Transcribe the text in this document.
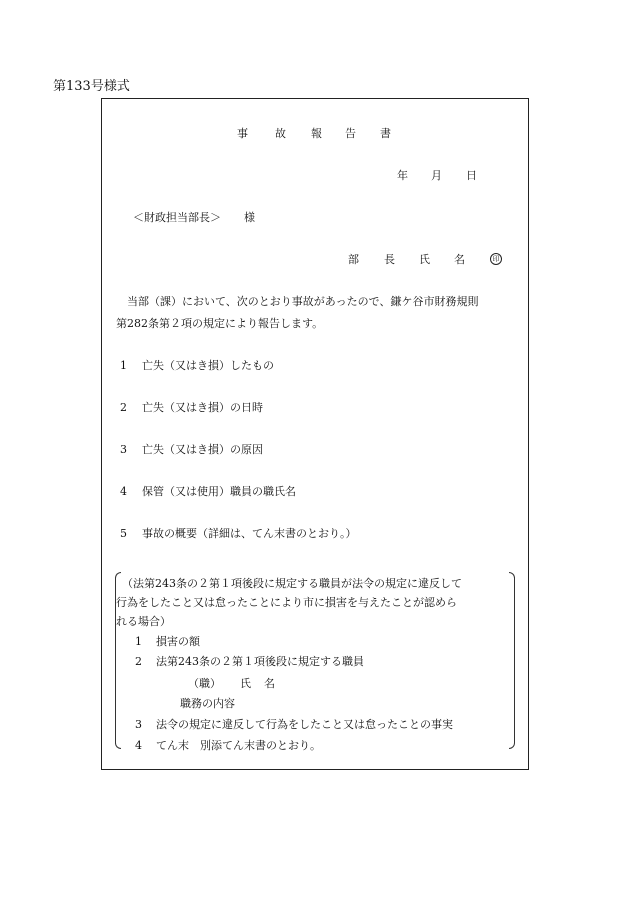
第133号様式
事 故 報 告 書
年 月 日
＜財政担当部長＞ 様
部 長 氏 名	印
当部（課）において、次のとおり事故があったので、鎌ケ谷市財務規則
第282条第２項の規定により報告します。
1 亡失（又はき損）したもの
2 亡失（又はき損）の日時
3 亡失（又はき損）の原因
4 保管（又は使用）職員の職氏名
5 事故の概要（詳細は、てん末書のとおり。）
（法第243条の２第１項後段に規定する職員が法令の規定に違反して
行為をしたこと又は怠ったことにより市に損害を与えたことが認めら
れる場合）
1 損害の額
2 法第243条の２第１項後段に規定する職員
（職） 氏 名
職務の内容
3 法令の規定に違反して行為をしたこと又は怠ったことの事実
4 てん末　別添てん末書のとおり。
